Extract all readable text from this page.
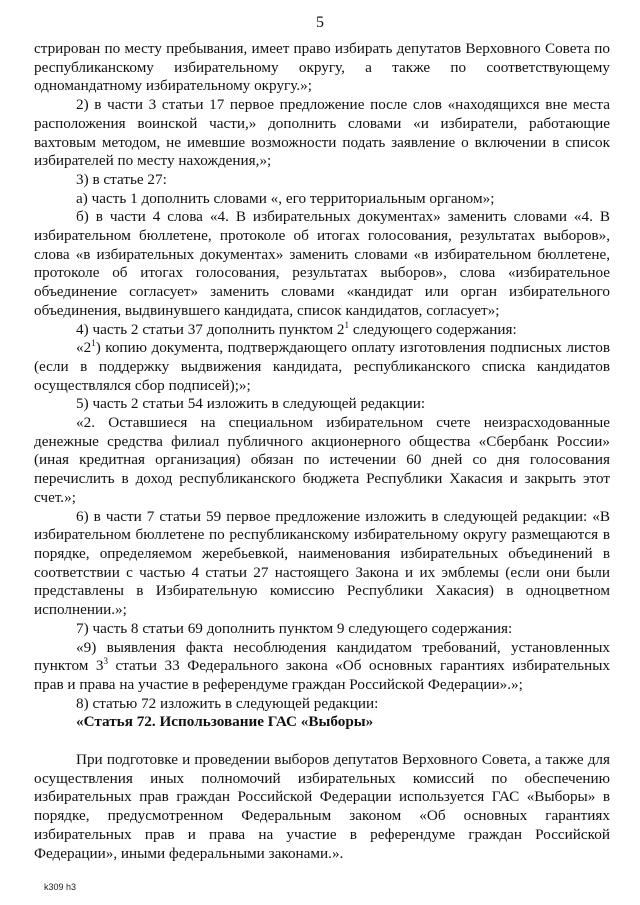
5

стрирован по месту пребывания, имеет право избирать депутатов Верховного Совета по республиканскому избирательному округу, а также по соответствующему одномандатному избирательному округу.»;

2) в части 3 статьи 17 первое предложение после слов «находящихся вне места расположения воинской части,» дополнить словами «и избиратели, работающие вахтовым методом, не имевшие возможности подать заявление о включении в список избирателей по месту нахождения,»;

3) в статье 27:

а) часть 1 дополнить словами «, его территориальным органом»;

б) в части 4 слова «4. В избирательных документах» заменить словами «4. В избирательном бюллетене, протоколе об итогах голосования, результатах выборов», слова «в избирательных документах» заменить словами «в избирательном бюллетене, протоколе об итогах голосования, результатах выборов», слова «избирательное объединение согласует» заменить словами «кандидат или орган избирательного объединения, выдвинувшего кандидата, список кандидатов, согласует»;

4) часть 2 статьи 37 дополнить пунктом $2^1$ следующего содержания:

«$2^1$) копию документа, подтверждающего оплату изготовления подписных листов (если в поддержку выдвижения кандидата, республиканского списка кандидатов осуществлялся сбор подписей);»;

5) часть 2 статьи 54 изложить в следующей редакции:

«2. Оставшиеся на специальном избирательном счете неизрасходованные денежные средства филиал публичного акционерного общества «Сбербанк России» (иная кредитная организация) обязан по истечении 60 дней со дня голосования перечислить в доход республиканского бюджета Республики Хакасия и закрыть этот счет.»;

6) в части 7 статьи 59 первое предложение изложить в следующей редакции: «В избирательном бюллетене по республиканскому избирательному округу размещаются в порядке, определяемом жеребьевкой, наименования избирательных объединений в соответствии с частью 4 статьи 27 настоящего Закона и их эмблемы (если они были представлены в Избирательную комиссию Республики Хакасия) в одноцветном исполнении.»;

7) часть 8 статьи 69 дополнить пунктом 9 следующего содержания:

«9) выявления факта несоблюдения кандидатом требований, установленных пунктом $3^3$ статьи 33 Федерального закона «Об основных гарантиях избирательных прав и права на участие в референдуме граждан Российской Федерации».»;

8) статью 72 изложить в следующей редакции:

«Статья 72. Использование ГАС «Выборы»

При подготовке и проведении выборов депутатов Верховного Совета, а также для осуществления иных полномочий избирательных комиссий по обеспечению избирательных прав граждан Российской Федерации используется ГАС «Выборы» в порядке, предусмотренном Федеральным законом «Об основных гарантиях избирательных прав и права на участие в референдуме граждан Российской Федерации», иными федеральными законами.».

k309 h3
